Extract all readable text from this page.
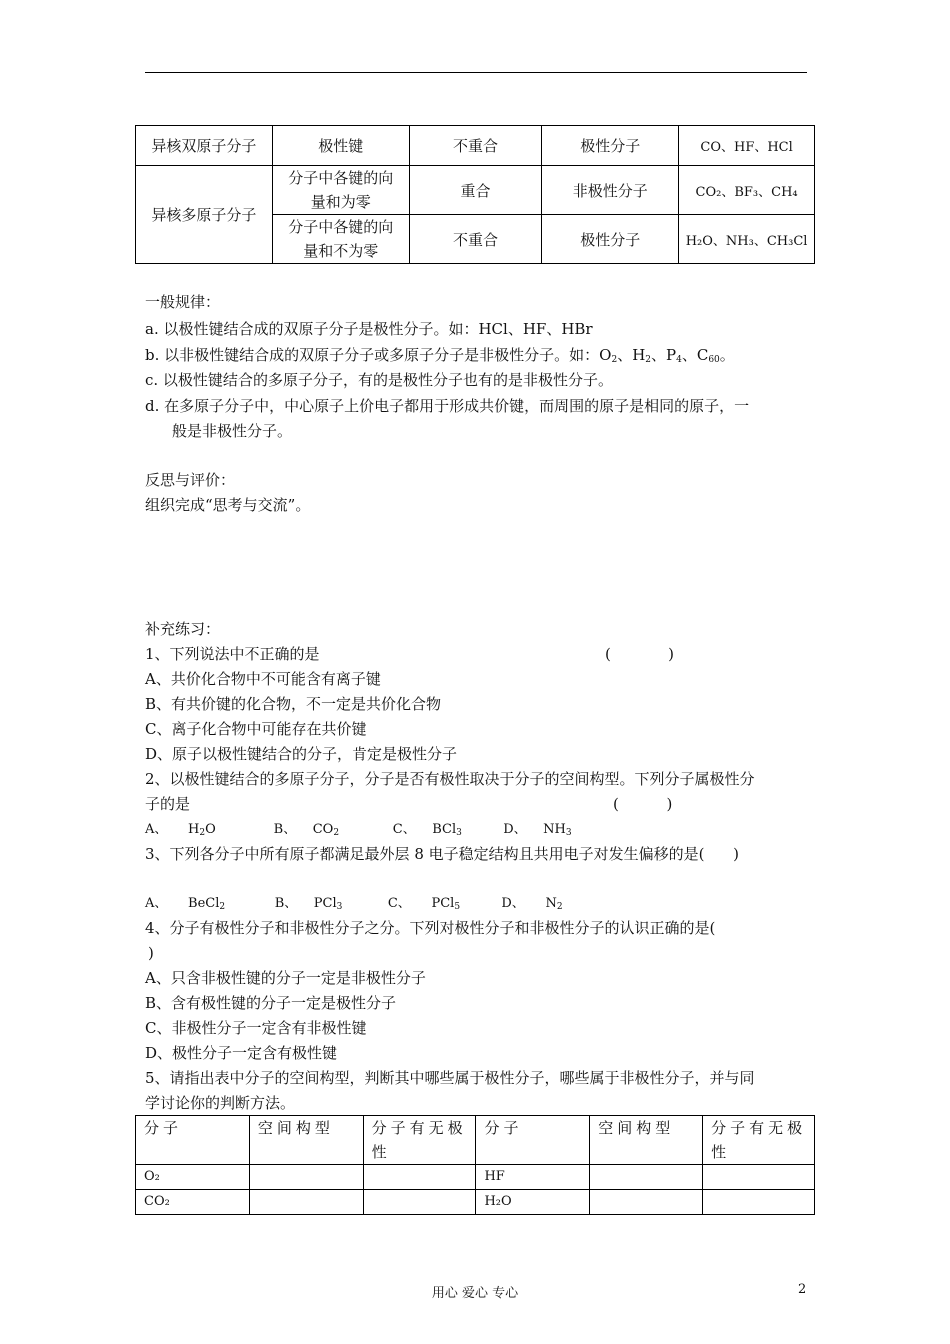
异核双原子分子	极性键	不重合	极性分子	CO、HF、HCl
异核多原子分子	分子中各键的向量和为零	重合	非极性分子	CO₂、BF₃、CH₄

	分子中各键的向量和不为零	不重合	极性分子	H₂O、NH₃、CH₃Cl
一般规律：
a. 以极性键结合成的双原子分子是极性分子。如：HCl、HF、HBr
b. 以非极性键结合成的双原子分子或多原子分子是非极性分子。如：$O_2$、$H_2$、$P_4$、$C_{60}$。
c. 以极性键结合的多原子分子，有的是极性分子也有的是非极性分子。
d. 在多原子分子中，中心原子上价电子都用于形成共价键，而周围的原子是相同的原子，一
般是非极性分子。
反思与评价：
组织完成“思考与交流”。
补充练习：
1、下列说法中不正确的是	(            )
A、共价化合物中不可能含有离子键
B、有共价键的化合物，不一定是共价化合物
C、离子化合物中可能存在共价键
D、原子以极性键结合的分子，肯定是极性分子
2、以极性键结合的多原子分子，分子是否有极性取决于分子的空间构型。下列分子属极性分
子的是	(          )
A、     $H_2O$              B、    $CO_2$             C、    BCl$_3$          D、    $NH_3$
3、下列各分子中所有原子都满足最外层 8 电子稳定结构且共用电子对发生偏移的是(      )
A、     BeCl$_2$            B、    PCl$_3$           C、     PCl$_5$          D、     $N_2$
4、分子有极性分子和非极性分子之分。下列对极性分子和非极性分子的认识正确的是(
)
A、只含非极性键的分子一定是非极性分子
B、含有极性键的分子一定是极性分子
C、非极性分子一定含有非极性键
D、极性分子一定含有极性键
5、请指出表中分子的空间构型，判断其中哪些属于极性分子，哪些属于非极性分子，并与同
学讨论你的判断方法。
分子	空间构型	分子有无极性	分子	空间构型	分子有无极性
O₂			HF		
CO₂			H₂O		
用心 爱心 专心	2
